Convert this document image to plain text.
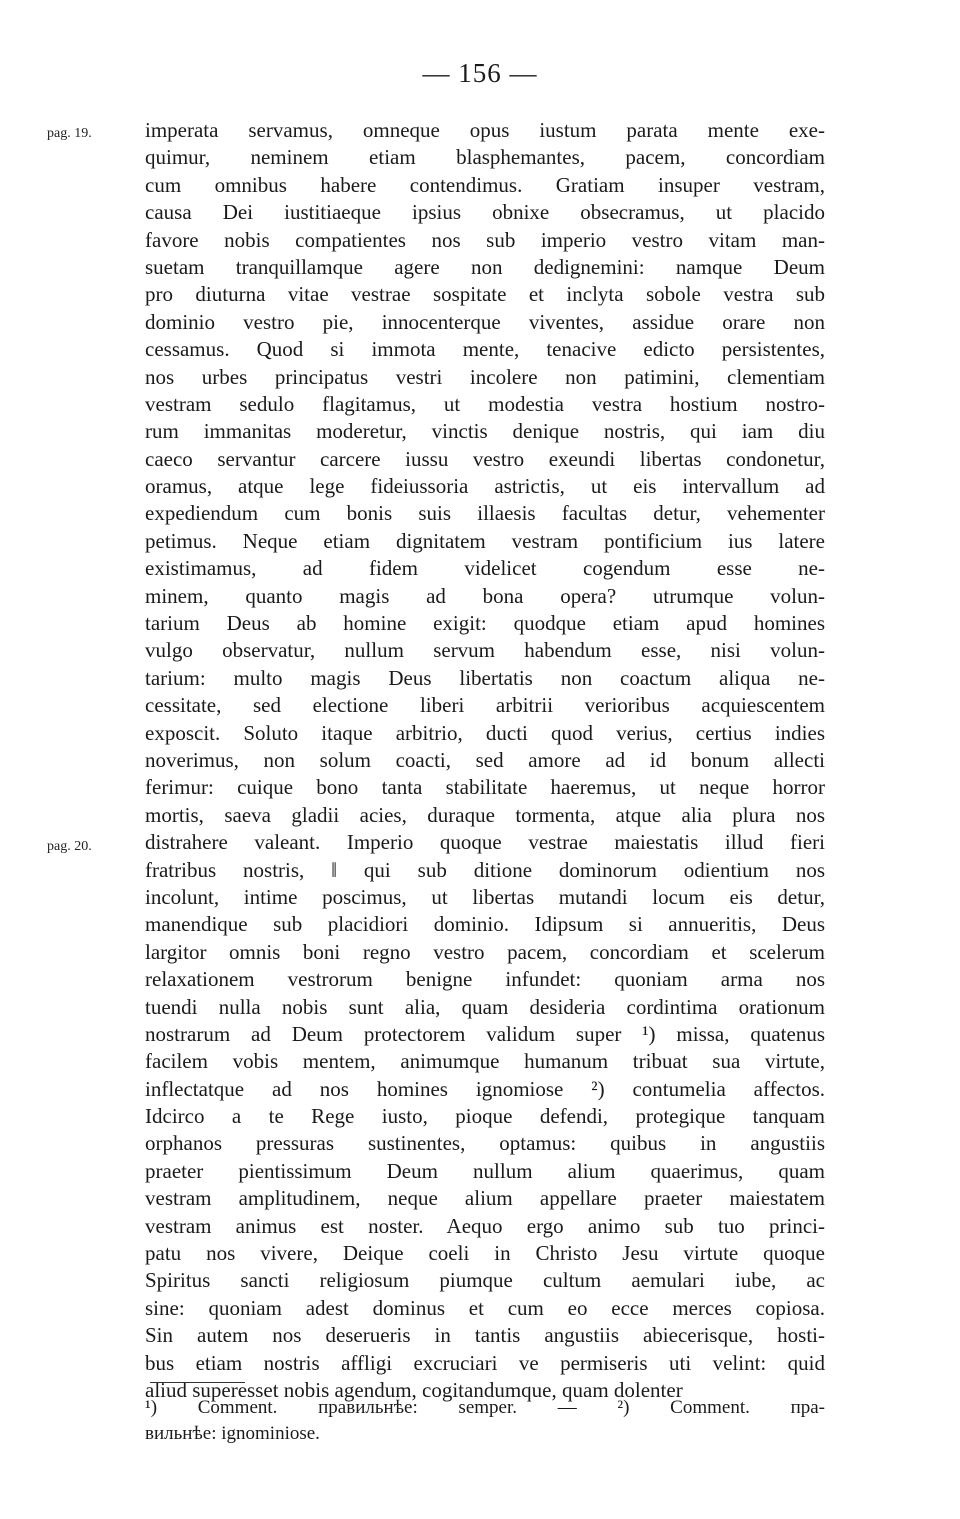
— 156 —
pag. 19.
pag. 20.
imperata servamus, omneque opus iustum parata mente exe-
quimur, neminem etiam blasphemantes, pacem, concordiam
cum omnibus habere contendimus. Gratiam insuper vestram,
causa Dei iustitiaeque ipsius obnixe obsecramus, ut placido
favore nobis compatientes nos sub imperio vestro vitam man-
suetam tranquillamque agere non dedignemini: namque Deum
pro diuturna vitae vestrae sospitate et inclyta sobole vestra sub
dominio vestro pie, innocenterque viventes, assidue orare non
cessamus. Quod si immota mente, tenacive edicto persistentes,
nos urbes principatus vestri incolere non patimini, clementiam
vestram sedulo flagitamus, ut modestia vestra hostium nostro-
rum immanitas moderetur, vinctis denique nostris, qui iam diu
caeco servantur carcere iussu vestro exeundi libertas condonetur,
oramus, atque lege fideiussoria astrictis, ut eis intervallum ad
expediendum cum bonis suis illaesis facultas detur, vehementer
petimus. Neque etiam dignitatem vestram pontificium ius latere
existimamus, ad fidem videlicet cogendum esse ne-
minem, quanto magis ad bona opera? utrumque volun-
tarium Deus ab homine exigit: quodque etiam apud homines
vulgo observatur, nullum servum habendum esse, nisi volun-
tarium: multo magis Deus libertatis non coactum aliqua ne-
cessitate, sed electione liberi arbitrii verioribus acquiescentem
exposcit. Soluto itaque arbitrio, ducti quod verius, certius indies
noverimus, non solum coacti, sed amore ad id bonum allecti
ferimur: cuique bono tanta stabilitate haeremus, ut neque horror
mortis, saeva gladii acies, duraque tormenta, atque alia plura nos
distrahere valeant. Imperio quoque vestrae maiestatis illud fieri
fratribus nostris, ‖ qui sub ditione dominorum odientium nos
incolunt, intime poscimus, ut libertas mutandi locum eis detur,
manendique sub placidiori dominio. Idipsum si annueritis, Deus
largitor omnis boni regno vestro pacem, concordiam et scelerum
relaxationem vestrorum benigne infundet: quoniam arma nos
tuendi nulla nobis sunt alia, quam desideria cordintima orationum
nostrarum ad Deum protectorem validum super ¹) missa, quatenus
facilem vobis mentem, animumque humanum tribuat sua virtute,
inflectatque ad nos homines ignomiose ²) contumelia affectos.
Idcirco a te Rege iusto, pioque defendi, protegique tanquam
orphanos pressuras sustinentes, optamus: quibus in angustiis
praeter pientissimum Deum nullum alium quaerimus, quam
vestram amplitudinem, neque alium appellare praeter maiestatem
vestram animus est noster. Aequo ergo animo sub tuo princi-
patu nos vivere, Deique coeli in Christo Jesu virtute quoque
Spiritus sancti religiosum piumque cultum aemulari iube, ac
sine: quoniam adest dominus et cum eo ecce merces copiosa.
Sin autem nos deserueris in tantis angustiis abiecerisque, hosti-
bus etiam nostris affligi excruciari ve permiseris uti velint: quid
aliud superesset nobis agendum, cogitandumque, quam dolenter
¹) Comment. правильнѣе: semper. — ²) Comment. пра-
вильнѣе: ignominiose.
